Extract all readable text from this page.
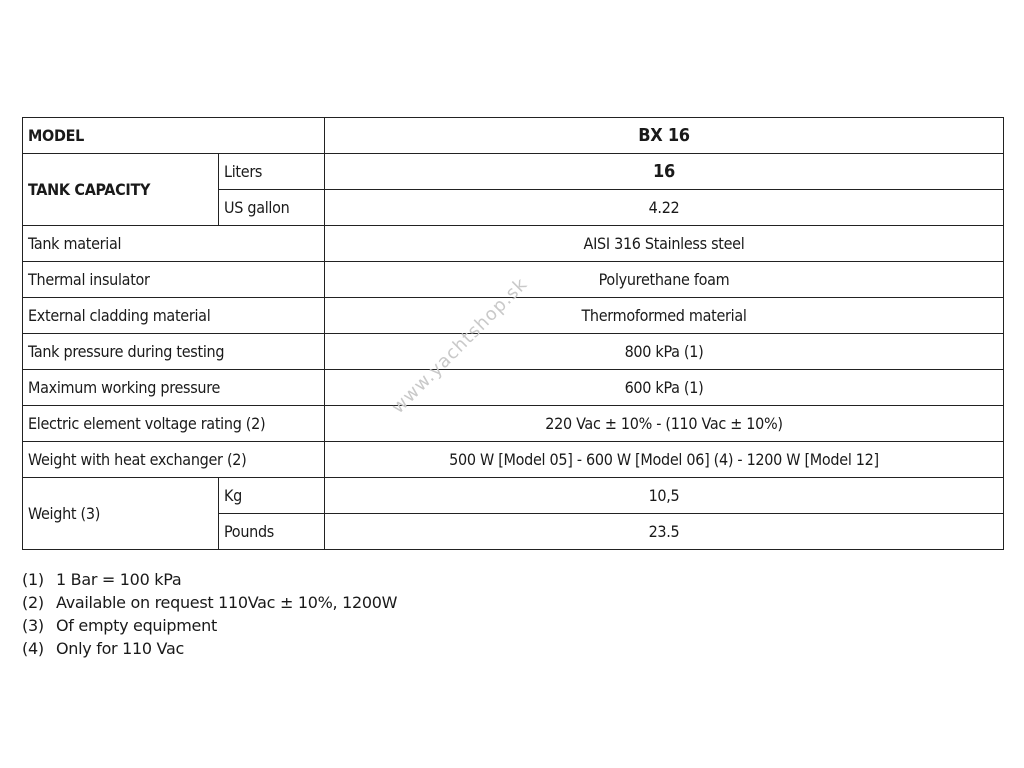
MODEL		BX 16
TANK CAPACITY	Liters	16
	US gallon	4.22
Tank material		AISI 316 Stainless steel
Thermal insulator		Polyurethane foam
External cladding material		Thermoformed material
Tank pressure during testing		800 kPa (1)
Maximum working pressure		600 kPa (1)
Electric element voltage rating (2)		220 Vac ± 10% - (110 Vac ± 10%)
Weight with heat exchanger (2)		500 W [Model 05] - 600 W [Model 06] (4) - 1200 W [Model 12]
Weight (3)	Kg	10,5
	Pounds	23.5
www.yachtshop.sk
(1) 1 Bar = 100 kPa
(2) Available on request 110Vac ± 10%, 1200W
(3) Of empty equipment
(4) Only for 110 Vac
